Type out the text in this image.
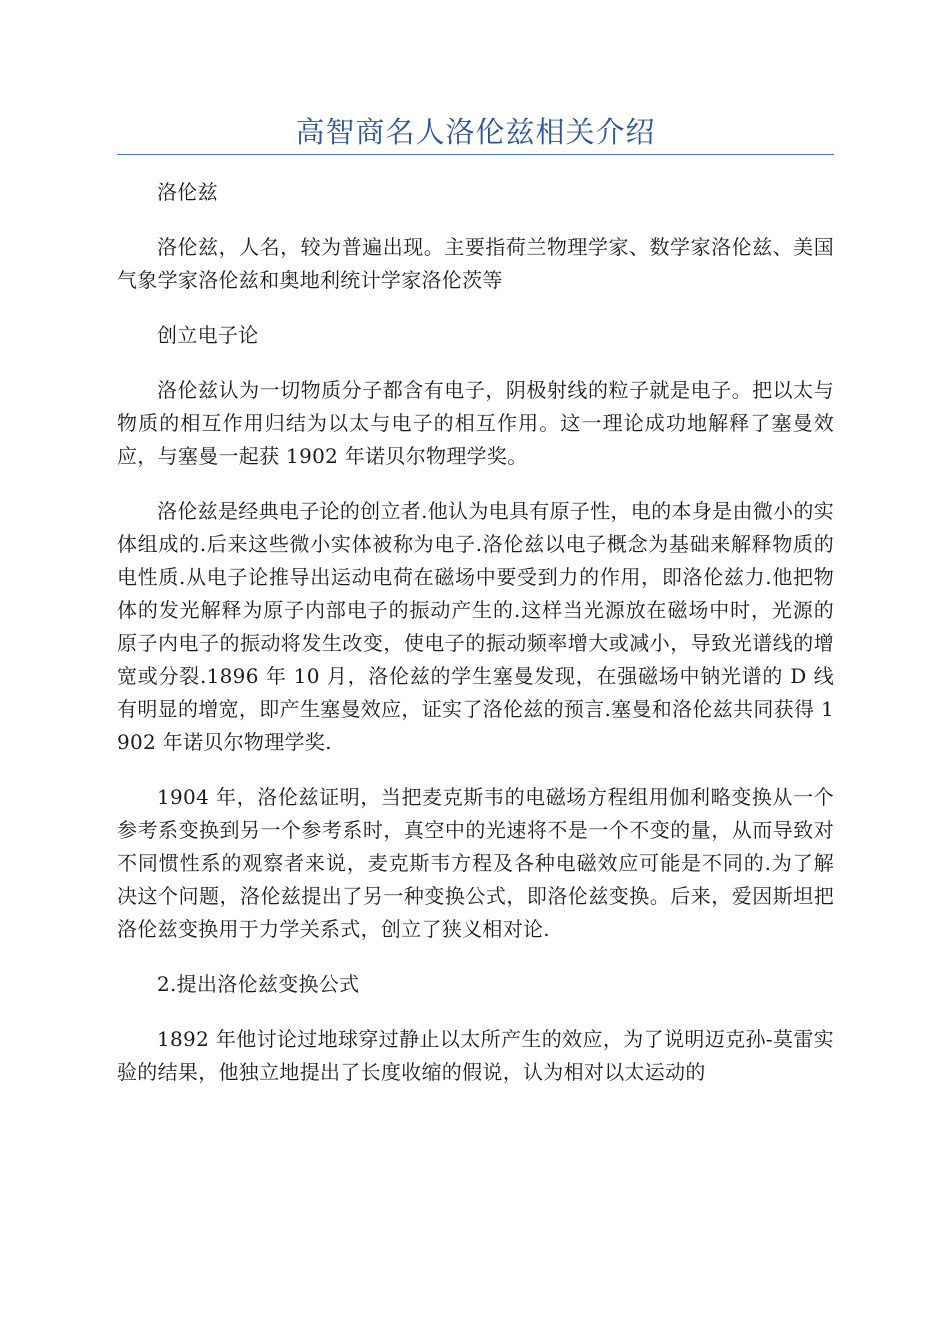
高智商名人洛伦兹相关介绍

洛伦兹

洛伦兹，人名，较为普遍出现。主要指荷兰物理学家、数学家洛伦兹、美国气象学家洛伦兹和奥地利统计学家洛伦茨等

创立电子论

洛伦兹认为一切物质分子都含有电子，阴极射线的粒子就是电子。把以太与物质的相互作用归结为以太与电子的相互作用。这一理论成功地解释了塞曼效应，与塞曼一起获 1902 年诺贝尔物理学奖。

洛伦兹是经典电子论的创立者.他认为电具有原子性，电的本身是由微小的实体组成的.后来这些微小实体被称为电子.洛伦兹以电子概念为基础来解释物质的电性质.从电子论推导出运动电荷在磁场中要受到力的作用，即洛伦兹力.他把物体的发光解释为原子内部电子的振动产生的.这样当光源放在磁场中时，光源的原子内电子的振动将发生改变，使电子的振动频率增大或减小，导致光谱线的增宽或分裂.1896 年 10 月，洛伦兹的学生塞曼发现，在强磁场中钠光谱的 D 线有明显的增宽，即产生塞曼效应，证实了洛伦兹的预言.塞曼和洛伦兹共同获得 1902 年诺贝尔物理学奖.

1904 年，洛伦兹证明，当把麦克斯韦的电磁场方程组用伽利略变换从一个参考系变换到另一个参考系时，真空中的光速将不是一个不变的量，从而导致对不同惯性系的观察者来说，麦克斯韦方程及各种电磁效应可能是不同的.为了解决这个问题，洛伦兹提出了另一种变换公式，即洛伦兹变换。后来，爱因斯坦把洛伦兹变换用于力学关系式，创立了狭义相对论.

2.提出洛伦兹变换公式

1892 年他讨论过地球穿过静止以太所产生的效应，为了说明迈克孙-莫雷实验的结果，他独立地提出了长度收缩的假说，认为相对以太运动的
